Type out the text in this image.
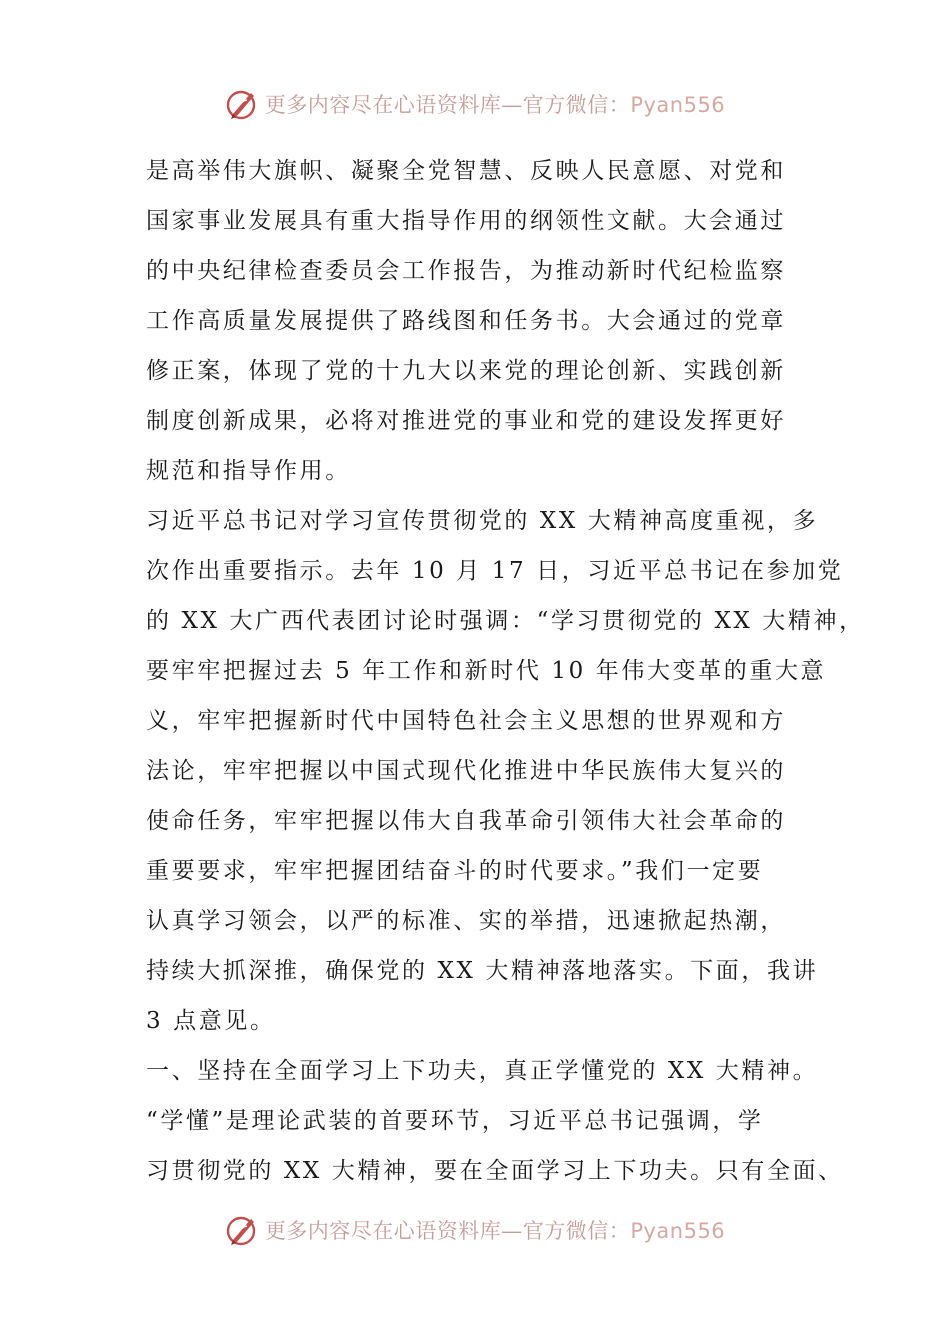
更多内容尽在心语资料库—官方微信：Pyan556
是高举伟大旗帜、凝聚全党智慧、反映人民意愿、对党和
国家事业发展具有重大指导作用的纲领性文献。大会通过
的中央纪律检查委员会工作报告，为推动新时代纪检监察
工作高质量发展提供了路线图和任务书。大会通过的党章
修正案，体现了党的十九大以来党的理论创新、实践创新
制度创新成果，必将对推进党的事业和党的建设发挥更好
规范和指导作用。
习近平总书记对学习宣传贯彻党的 XX 大精神高度重视，多
次作出重要指示。去年 10 月 17 日，习近平总书记在参加党
的 XX 大广西代表团讨论时强调：“学习贯彻党的 XX 大精神，
要牢牢把握过去 5 年工作和新时代 10 年伟大变革的重大意
义，牢牢把握新时代中国特色社会主义思想的世界观和方
法论，牢牢把握以中国式现代化推进中华民族伟大复兴的
使命任务，牢牢把握以伟大自我革命引领伟大社会革命的
重要要求，牢牢把握团结奋斗的时代要求。”我们一定要
认真学习领会，以严的标准、实的举措，迅速掀起热潮，
持续大抓深推，确保党的 XX 大精神落地落实。下面，我讲
3 点意见。
一、坚持在全面学习上下功夫，真正学懂党的 XX 大精神。
“学懂”是理论武装的首要环节，习近平总书记强调，学
习贯彻党的 XX 大精神，要在全面学习上下功夫。只有全面、
更多内容尽在心语资料库—官方微信：Pyan556
